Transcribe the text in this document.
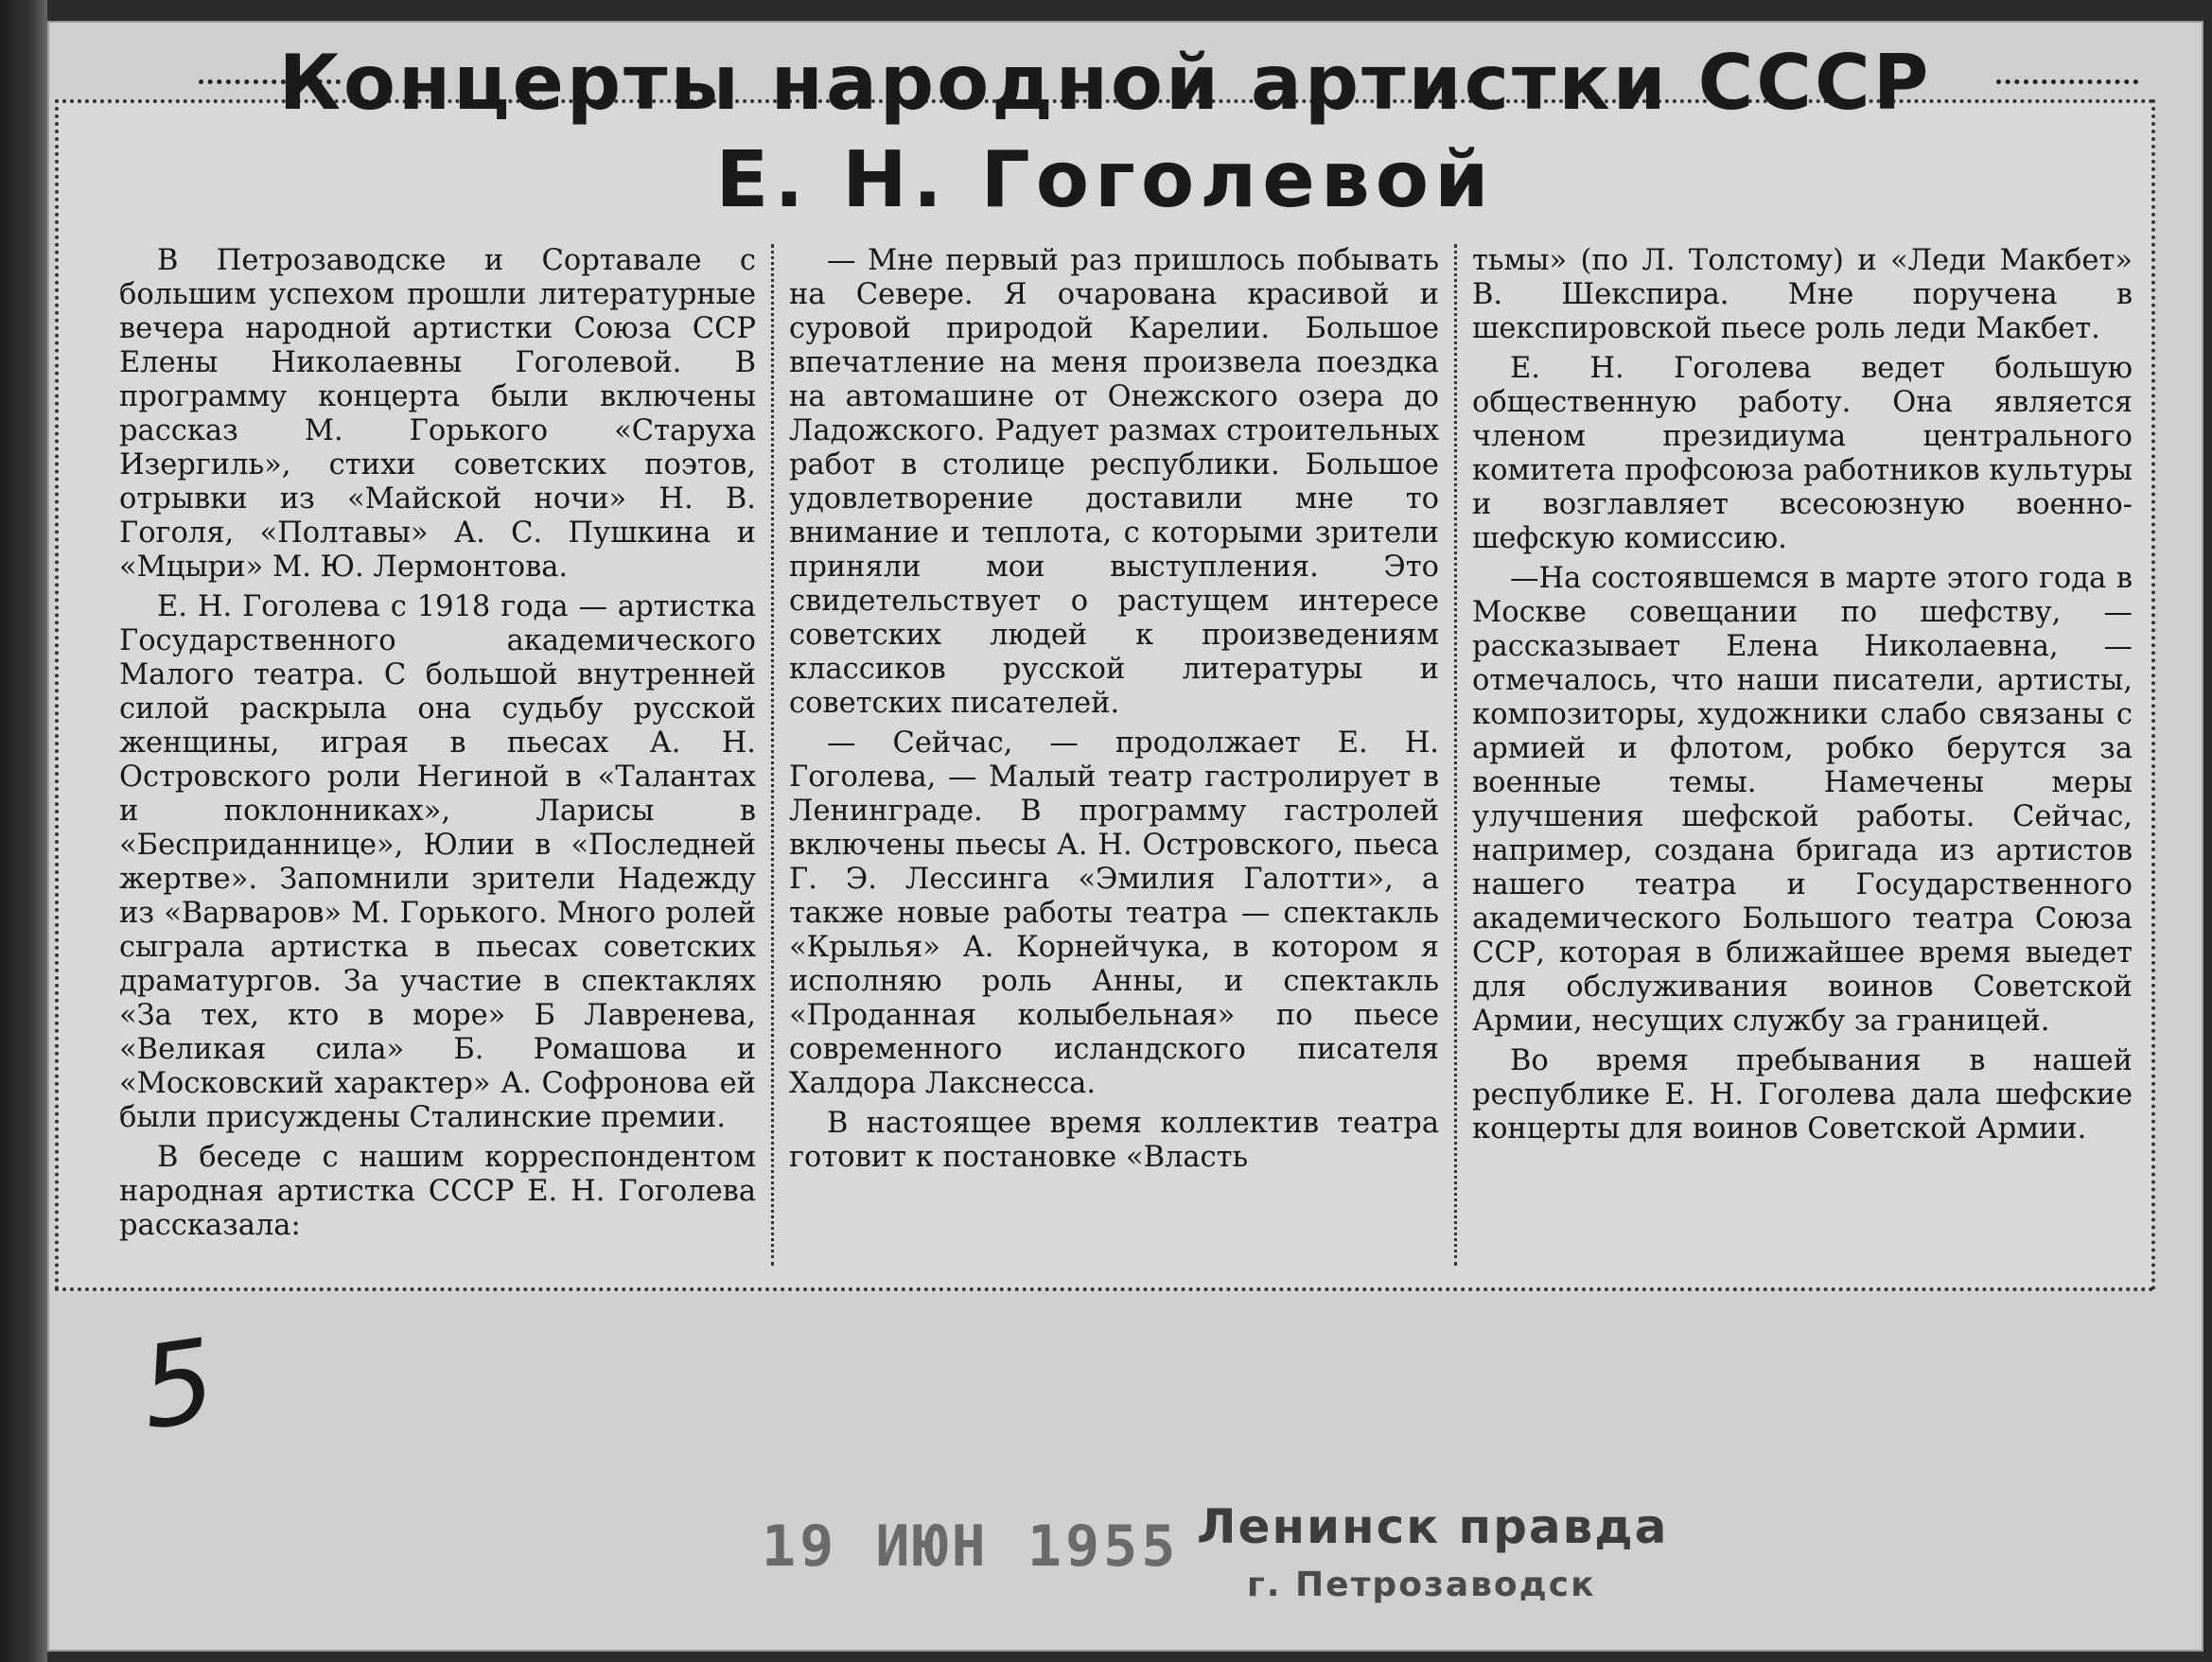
Концерты народной артистки СССР
Е. Н. Гоголевой

В Петрозаводске и Сортавале с большим успехом прошли литературные вечера народной артистки Союза ССР Елены Николаевны Гоголевой. В программу концерта были включены рассказ М. Горького «Старуха Изергиль», стихи советских поэтов, отрывки из «Майской ночи» Н. В. Гоголя, «Полтавы» А. С. Пушкина и «Мцыри» М. Ю. Лермонтова.

Е. Н. Гоголева с 1918 года — артистка Государственного академического Малого театра. С большой внутренней силой раскрыла она судьбу русской женщины, играя в пьесах А. Н. Островского роли Негиной в «Талантах и поклонниках», Ларисы в «Бесприданнице», Юлии в «Последней жертве». Запомнили зрители Надежду из «Варваров» М. Горького. Много ролей сыграла артистка в пьесах советских драматургов. За участие в спектаклях «За тех, кто в море» Б Лавренева, «Великая сила» Б. Ромашова и «Московский характер» А. Софронова ей были присуждены Сталинские премии.

В беседе с нашим корреспондентом народная артистка СССР Е. Н. Гоголева рассказала:

— Мне первый раз пришлось побывать на Севере. Я очарована красивой и суровой природой Карелии. Большое впечатление на меня произвела поездка на автомашине от Онежского озера до Ладожского. Радует размах строительных работ в столице республики. Большое удовлетворение доставили мне то внимание и теплота, с которыми зрители приняли мои выступления. Это свидетельствует о растущем интересе советских людей к произведениям классиков русской литературы и советских писателей.

— Сейчас, — продолжает Е. Н. Гоголева, — Малый театр гастролирует в Ленинграде. В программу гастролей включены пьесы А. Н. Островского, пьеса Г. Э. Лессинга «Эмилия Галотти», а также новые работы театра — спектакль «Крылья» А. Корнейчука, в котором я исполняю роль Анны, и спектакль «Проданная колыбельная» по пьесе современного исландского писателя Халдора Лакснесса.

В настоящее время коллектив театра готовит к постановке «Власть

тьмы» (по Л. Толстому) и «Леди Макбет» В. Шекспира. Мне поручена в шекспировской пьесе роль леди Макбет.

Е. Н. Гоголева ведет большую общественную работу. Она является членом президиума центрального комитета профсоюза работников культуры и возглавляет всесоюзную военно-шефскую комиссию.

—На состоявшемся в марте этого года в Москве совещании по шефству, — рассказывает Елена Николаевна, — отмечалось, что наши писатели, артисты, композиторы, художники слабо связаны с армией и флотом, робко берутся за военные темы. Намечены меры улучшения шефской работы. Сейчас, например, создана бригада из артистов нашего театра и Государственного академического Большого театра Союза ССР, которая в ближайшее время выедет для обслуживания воинов Советской Армии, несущих службу за границей.

Во время пребывания в нашей республике Е. Н. Гоголева дала шефские концерты для воинов Советской Армии.

5
19 ИЮН 1955 Ленинск правда
г. Петрозаводск
